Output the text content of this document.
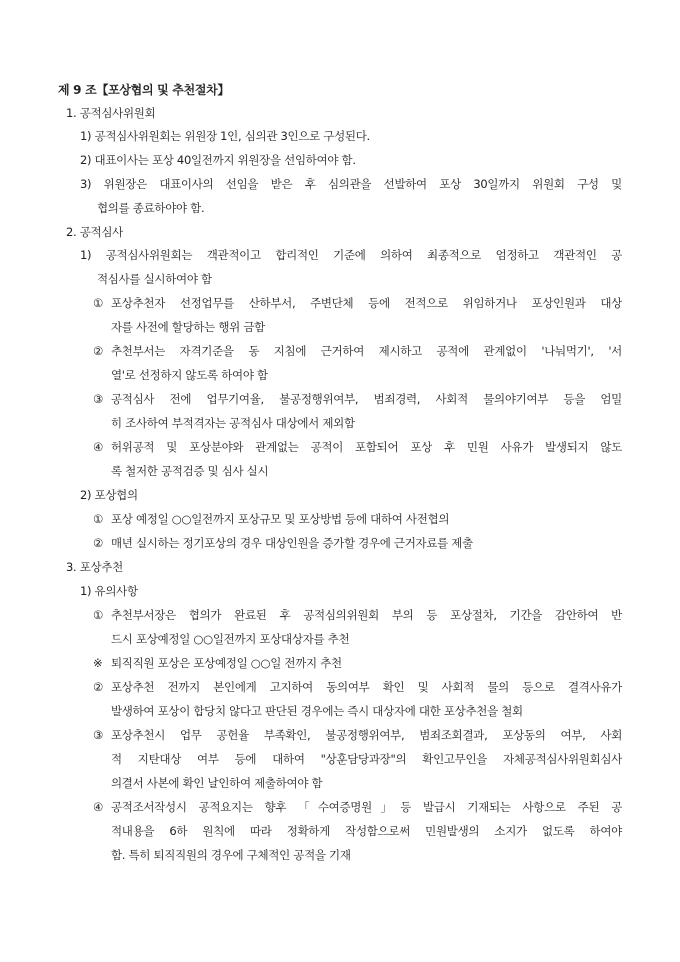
제 9 조【포상협의 및 추천절차】
1. 공적심사위원회
1) 공적심사위원회는 위원장 1인, 심의관 3인으로 구성된다.
2) 대표이사는 포상 40일전까지 위원장을 선임하여야 함.
3) 위원장은 대표이사의 선임을 받은 후 심의관을 선발하여 포상 30일까지 위원회 구성 및
협의를 종료하야야 함.
2. 공적심사
1) 공적심사위원회는 객관적이고 합리적인 기준에 의하여 최종적으로 엄정하고 객관적인 공
적심사를 실시하여야 함
① 포상추천자 선정업무를 산하부서, 주변단체 등에 전적으로 위임하거나 포상인원과 대상
자를 사전에 할당하는 행위 금함
② 추천부서는 자격기준을 동 지침에 근거하여 제시하고 공적에 관계없이 '나눠먹기', '서
열'로 선정하지 않도록 하여야 함
③ 공적심사 전에 업무기여율, 불공정행위여부, 범죄경력, 사회적 물의야기여부 등을 엄밀
히 조사하여 부적격자는 공적심사 대상에서 제외함
④ 허위공적 및 포상분야와 관계없는 공적이 포함되어 포상 후 민원 사유가 발생되지 않도
록 철저한 공적검증 및 심사 실시
2) 포상협의
① 포상 예정일 ○○일전까지 포상규모 및 포상방법 등에 대하여 사전협의
② 매년 실시하는 정기포상의 경우 대상인원을 증가할 경우에 근거자료를 제출
3. 포상추천
1) 유의사항
① 추천부서장은 협의가 완료된 후 공적심의위원회 부의 등 포상절차, 기간을 감안하여 반
드시 포상예정일 ○○일전까지 포상대상자를 추천
※ 퇴직직원 포상은 포상예정일 ○○일 전까지 추천
② 포상추천 전까지 본인에게 고지하여 동의여부 확인 및 사회적 물의 등으로 결격사유가
발생하여 포상이 합당치 않다고 판단된 경우에는 즉시 대상자에 대한 포상추천을 철회
③ 포상추천시 업무 공헌율 부족확인, 불공정행위여부, 범죄조회결과, 포상동의 여부, 사회
적 지탄대상 여부 등에 대하여 "상훈담당과장"의 확인고무인을 자체공적심사위원회심사
의결서 사본에 확인 날인하여 제출하여야 함
④ 공적조서작성시 공적요지는 향후 「수여증명원」등 발급시 기재되는 사항으로 주된 공
적내용을 6하 원칙에 따라 정확하게 작성함으로써 민원발생의 소지가 없도록 하여야
함. 특히 퇴직직원의 경우에 구체적인 공적을 기재
